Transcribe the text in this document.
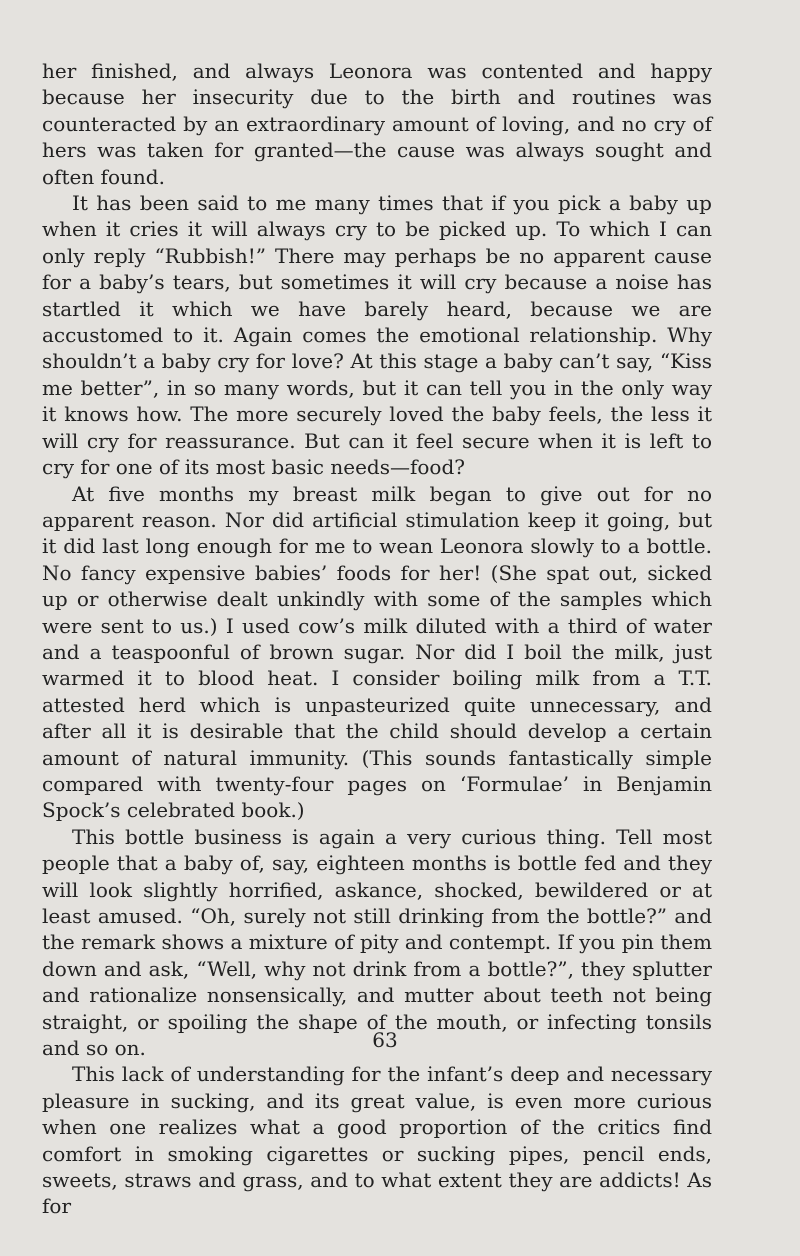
her finished, and always Leonora was contented and happy because her insecurity due to the birth and routines was counteracted by an extraordinary amount of loving, and no cry of hers was taken for granted—the cause was always sought and often found.

It has been said to me many times that if you pick a baby up when it cries it will always cry to be picked up. To which I can only reply “Rubbish!” There may perhaps be no apparent cause for a baby’s tears, but sometimes it will cry because a noise has startled it which we have barely heard, because we are accustomed to it. Again comes the emotional relationship. Why shouldn’t a baby cry for love? At this stage a baby can’t say, “Kiss me better”, in so many words, but it can tell you in the only way it knows how. The more securely loved the baby feels, the less it will cry for reassurance. But can it feel secure when it is left to cry for one of its most basic needs—food?

At five months my breast milk began to give out for no apparent reason. Nor did artificial stimulation keep it going, but it did last long enough for me to wean Leonora slowly to a bottle. No fancy expensive babies’ foods for her! (She spat out, sicked up or otherwise dealt unkindly with some of the samples which were sent to us.) I used cow’s milk diluted with a third of water and a teaspoonful of brown sugar. Nor did I boil the milk, just warmed it to blood heat. I consider boiling milk from a T.T. attested herd which is unpasteurized quite unnecessary, and after all it is desirable that the child should develop a certain amount of natural immunity. (This sounds fantastically simple compared with twenty-four pages on ‘Formulae’ in Benjamin Spock’s celebrated book.)

This bottle business is again a very curious thing. Tell most people that a baby of, say, eighteen months is bottle fed and they will look slightly horrified, askance, shocked, bewildered or at least amused. “Oh, surely not still drinking from the bottle?” and the remark shows a mixture of pity and contempt. If you pin them down and ask, “Well, why not drink from a bottle?”, they splutter and rationalize nonsensically, and mutter about teeth not being straight, or spoiling the shape of the mouth, or infecting tonsils and so on.

This lack of understanding for the infant’s deep and necessary pleasure in sucking, and its great value, is even more curious when one realizes what a good proportion of the critics find comfort in smoking cigarettes or sucking pipes, pencil ends, sweets, straws and grass, and to what extent they are addicts! As for

63
